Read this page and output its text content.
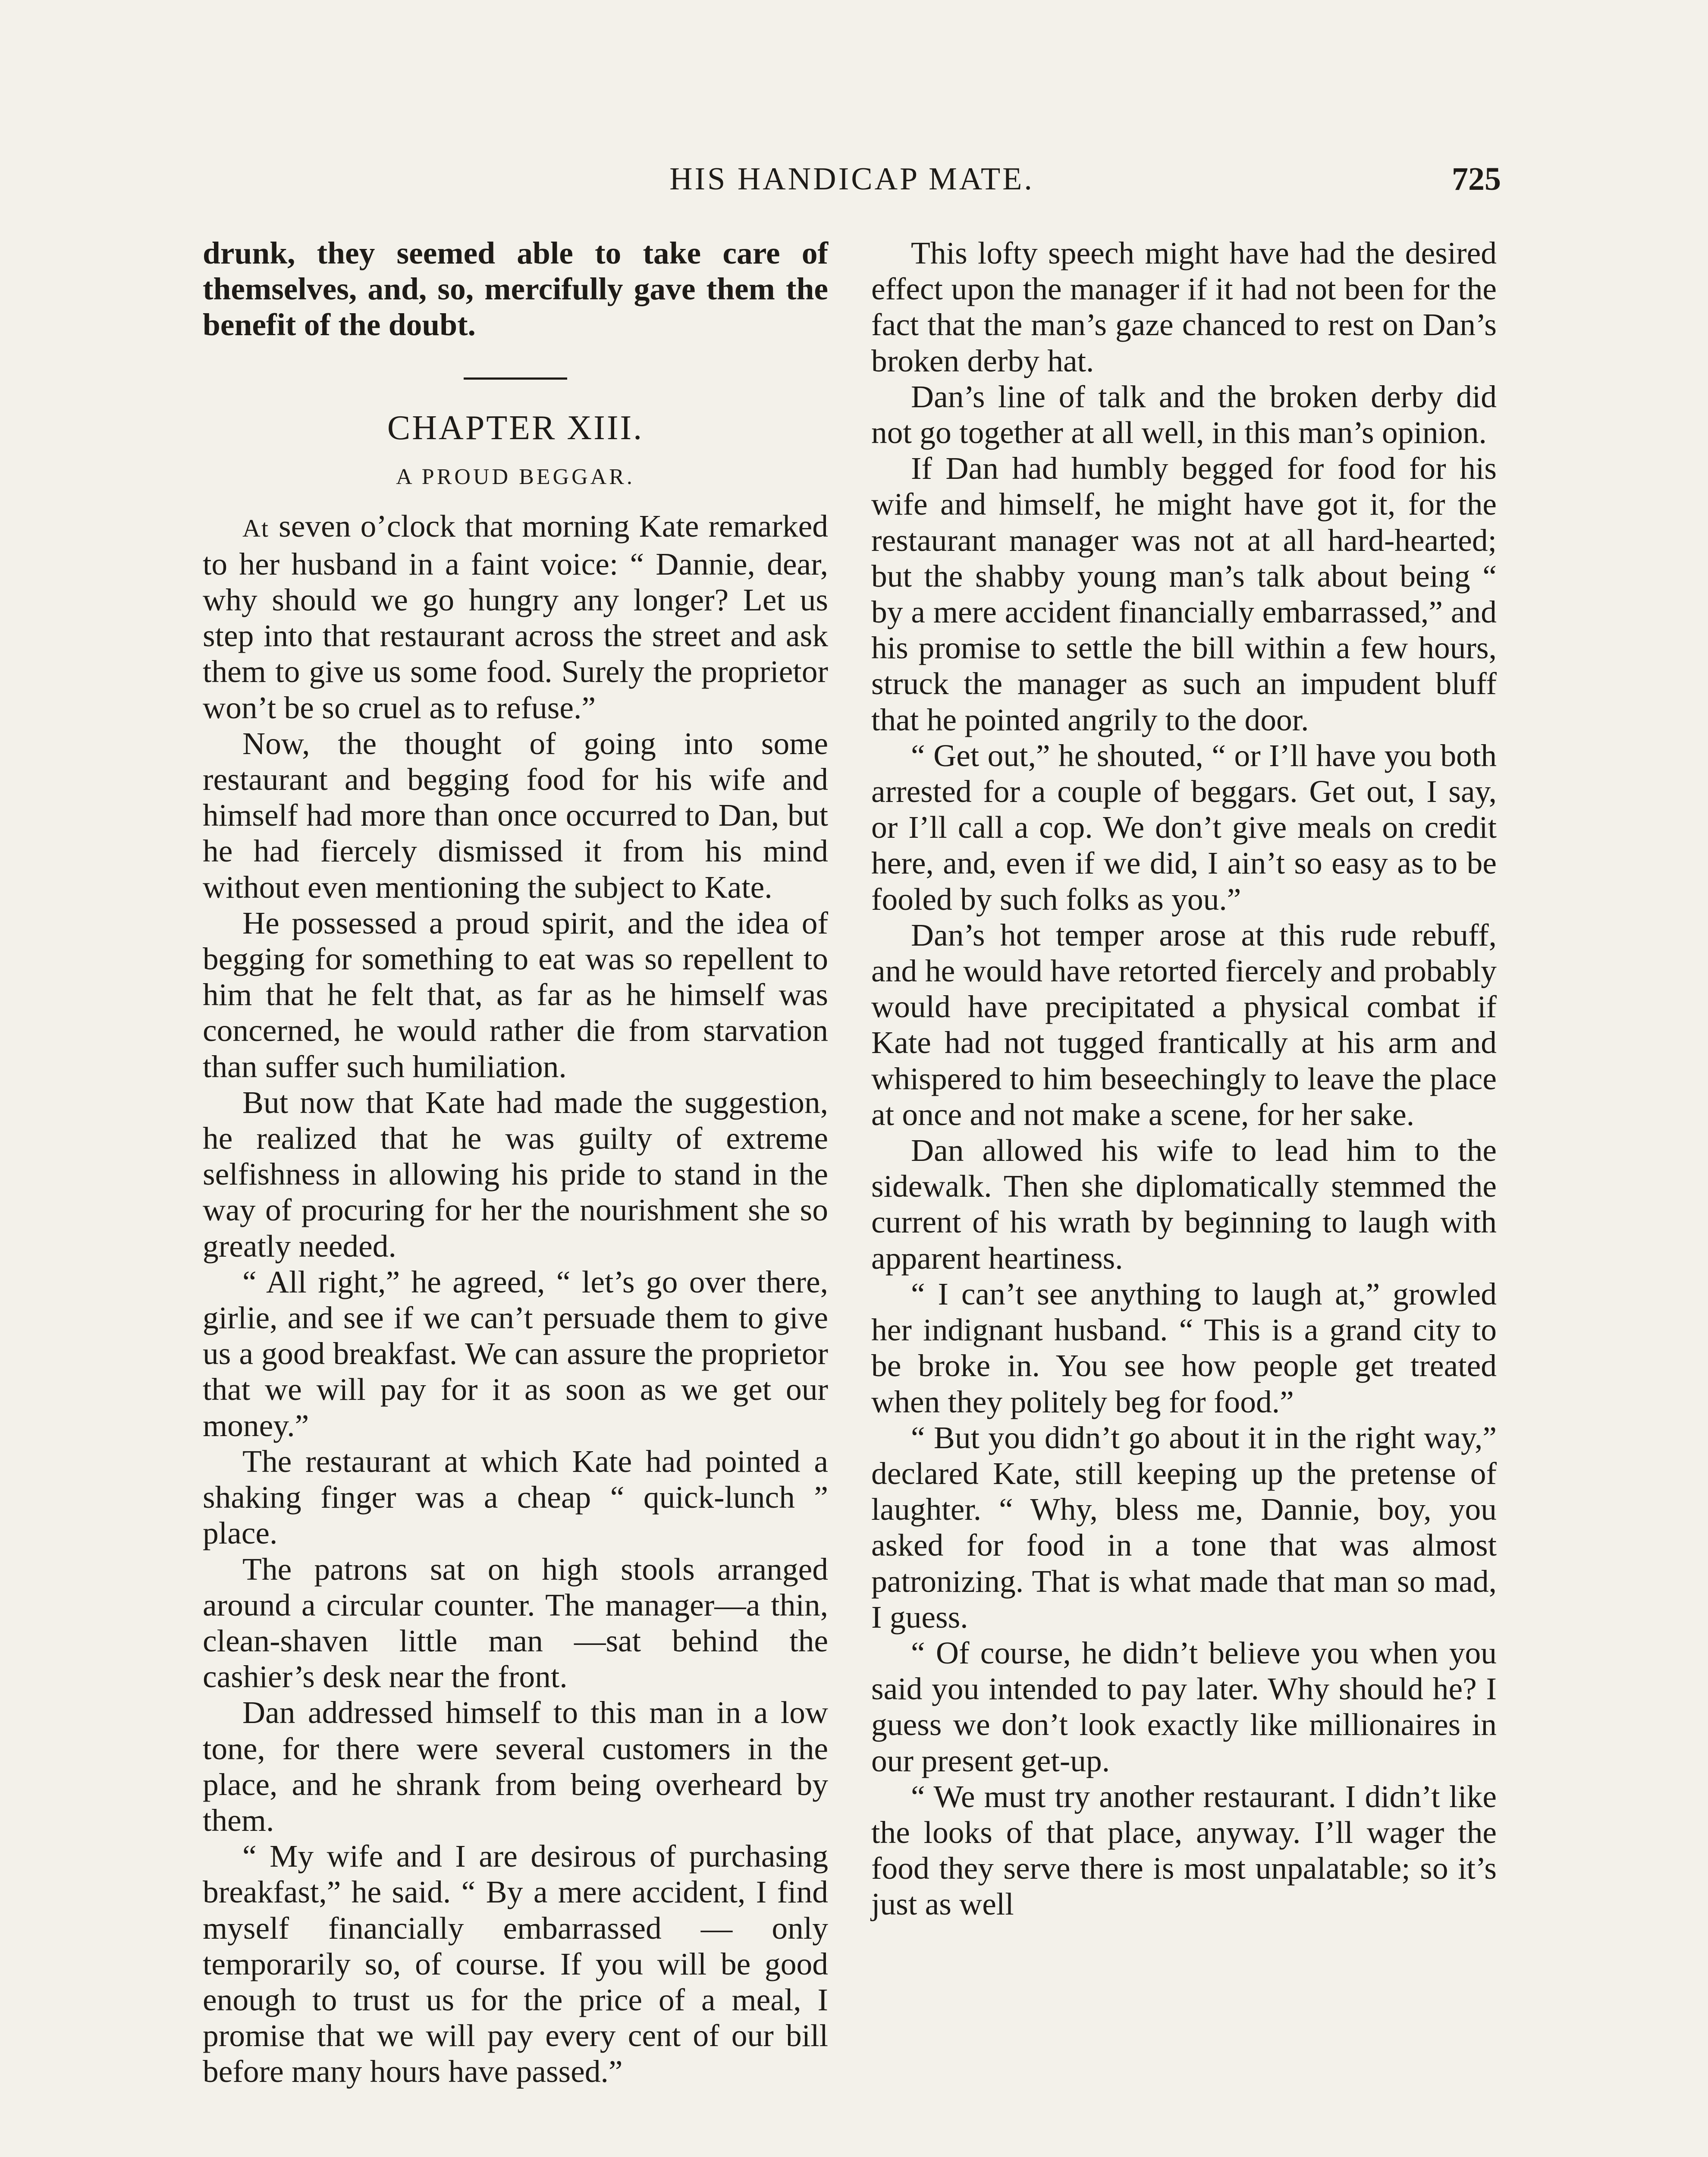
HIS HANDICAP MATE.	725

drunk, they seemed able to take care of themselves, and, so, mercifully gave them the benefit of the doubt.

CHAPTER XIII.
A PROUD BEGGAR.

At seven o’clock that morning Kate remarked to her husband in a faint voice: “ Dannie, dear, why should we go hungry any longer? Let us step into that restaurant across the street and ask them to give us some food. Surely the proprietor won’t be so cruel as to refuse.”

Now, the thought of going into some restaurant and begging food for his wife and himself had more than once occurred to Dan, but he had fiercely dismissed it from his mind without even mentioning the subject to Kate.

He possessed a proud spirit, and the idea of begging for something to eat was so repellent to him that he felt that, as far as he himself was concerned, he would rather die from starvation than suffer such humiliation.

But now that Kate had made the suggestion, he realized that he was guilty of extreme selfishness in allowing his pride to stand in the way of procuring for her the nourishment she so greatly needed.

“ All right,” he agreed, “ let’s go over there, girlie, and see if we can’t persuade them to give us a good breakfast. We can assure the proprietor that we will pay for it as soon as we get our money.”

The restaurant at which Kate had pointed a shaking finger was a cheap “ quick-lunch ” place.

The patrons sat on high stools arranged around a circular counter. The manager—a thin, clean-shaven little man —sat behind the cashier’s desk near the front.

Dan addressed himself to this man in a low tone, for there were several customers in the place, and he shrank from being overheard by them.

“ My wife and I are desirous of purchasing breakfast,” he said. “ By a mere accident, I find myself financially embarrassed — only temporarily so, of course. If you will be good enough to trust us for the price of a meal, I promise that we will pay every cent of our bill before many hours have passed.”

This lofty speech might have had the desired effect upon the manager if it had not been for the fact that the man’s gaze chanced to rest on Dan’s broken derby hat.

Dan’s line of talk and the broken derby did not go together at all well, in this man’s opinion.

If Dan had humbly begged for food for his wife and himself, he might have got it, for the restaurant manager was not at all hard-hearted; but the shabby young man’s talk about being “ by a mere accident financially embarrassed,” and his promise to settle the bill within a few hours, struck the manager as such an impudent bluff that he pointed angrily to the door.

“ Get out,” he shouted, “ or I’ll have you both arrested for a couple of beggars. Get out, I say, or I’ll call a cop. We don’t give meals on credit here, and, even if we did, I ain’t so easy as to be fooled by such folks as you.”

Dan’s hot temper arose at this rude rebuff, and he would have retorted fiercely and probably would have precipitated a physical combat if Kate had not tugged frantically at his arm and whispered to him beseechingly to leave the place at once and not make a scene, for her sake.

Dan allowed his wife to lead him to the sidewalk. Then she diplomatically stemmed the current of his wrath by beginning to laugh with apparent heartiness.

“ I can’t see anything to laugh at,” growled her indignant husband. “ This is a grand city to be broke in. You see how people get treated when they politely beg for food.”

“ But you didn’t go about it in the right way,” declared Kate, still keeping up the pretense of laughter. “ Why, bless me, Dannie, boy, you asked for food in a tone that was almost patronizing. That is what made that man so mad, I guess.

“ Of course, he didn’t believe you when you said you intended to pay later. Why should he? I guess we don’t look exactly like millionaires in our present get-up.

“ We must try another restaurant. I didn’t like the looks of that place, anyway. I’ll wager the food they serve there is most unpalatable; so it’s just as well
